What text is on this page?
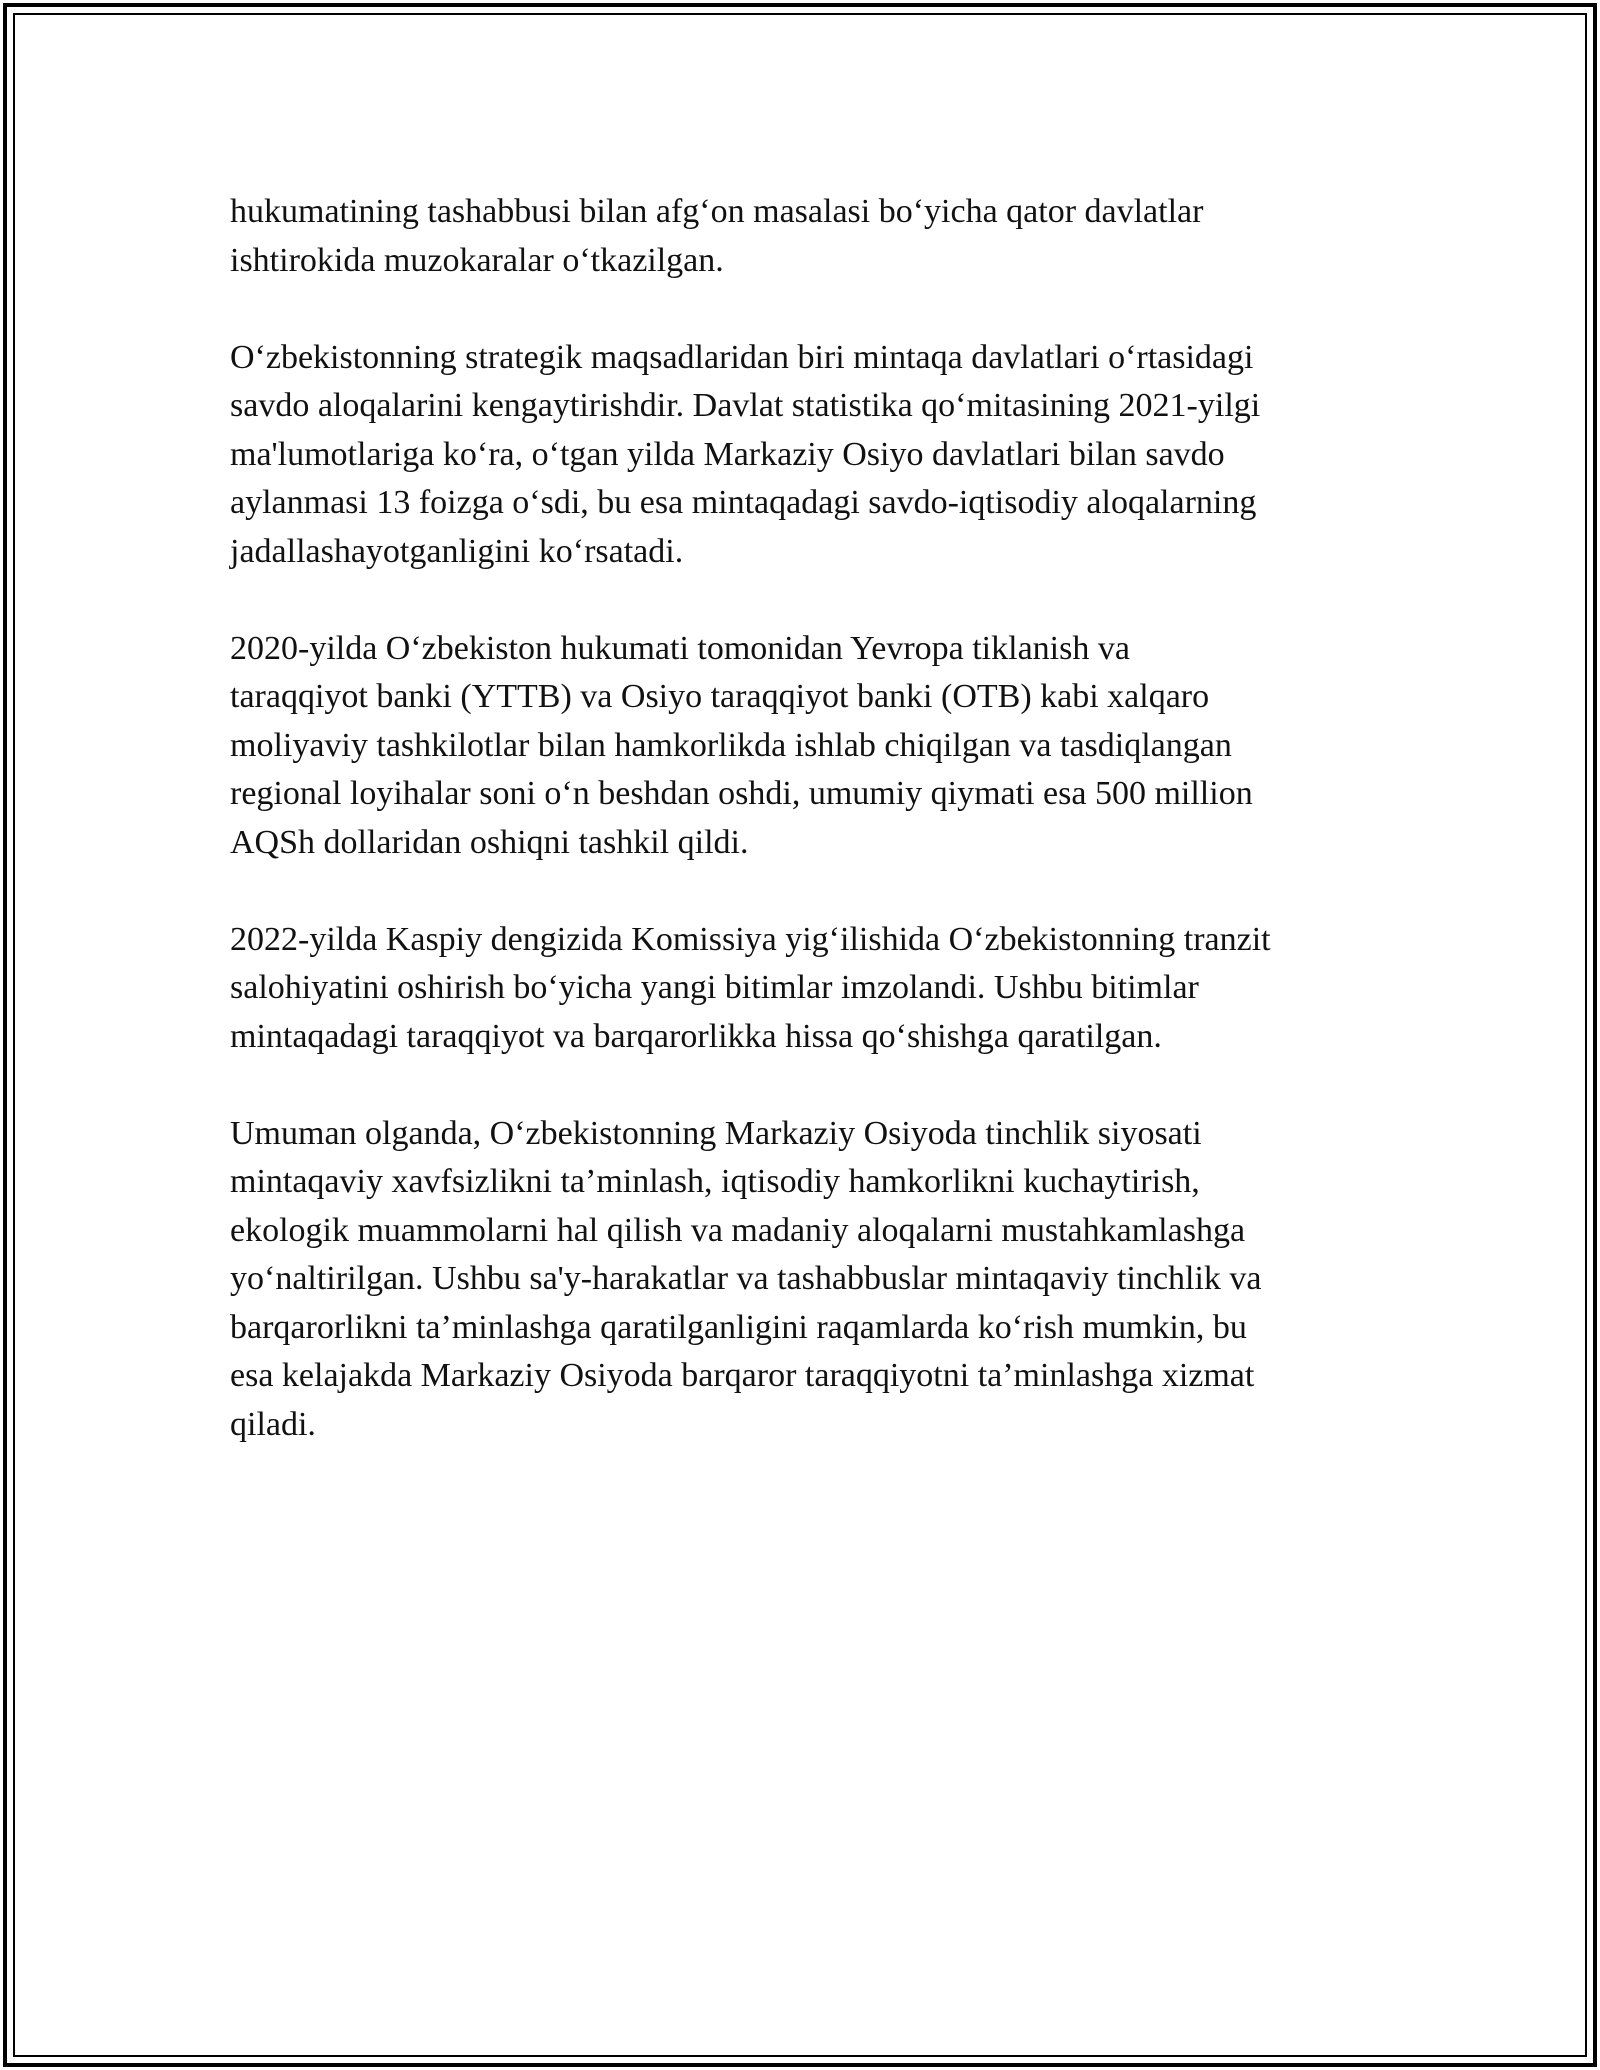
hukumatining tashabbusi bilan afg‘on masalasi bo‘yicha qator davlatlar
ishtirokida muzokaralar o‘tkazilgan.

O‘zbekistonning strategik maqsadlaridan biri mintaqa davlatlari o‘rtasidagi
savdo aloqalarini kengaytirishdir. Davlat statistika qo‘mitasining 2021-yilgi
ma'lumotlariga ko‘ra, o‘tgan yilda Markaziy Osiyo davlatlari bilan savdo
aylanmasi 13 foizga o‘sdi, bu esa mintaqadagi savdo-iqtisodiy aloqalarning
jadallashayotganligini ko‘rsatadi.

2020-yilda O‘zbekiston hukumati tomonidan Yevropa tiklanish va
taraqqiyot banki (YTTB) va Osiyo taraqqiyot banki (OTB) kabi xalqaro
moliyaviy tashkilotlar bilan hamkorlikda ishlab chiqilgan va tasdiqlangan
regional loyihalar soni o‘n beshdan oshdi, umumiy qiymati esa 500 million
AQSh dollaridan oshiqni tashkil qildi.

2022-yilda Kaspiy dengizida Komissiya yig‘ilishida O‘zbekistonning tranzit
salohiyatini oshirish bo‘yicha yangi bitimlar imzolandi. Ushbu bitimlar
mintaqadagi taraqqiyot va barqarorlikka hissa qo‘shishga qaratilgan.

Umuman olganda, O‘zbekistonning Markaziy Osiyoda tinchlik siyosati
mintaqaviy xavfsizlikni ta’minlash, iqtisodiy hamkorlikni kuchaytirish,
ekologik muammolarni hal qilish va madaniy aloqalarni mustahkamlashga
yo‘naltirilgan. Ushbu sa'y-harakatlar va tashabbuslar mintaqaviy tinchlik va
barqarorlikni ta’minlashga qaratilganligini raqamlarda ko‘rish mumkin, bu
esa kelajakda Markaziy Osiyoda barqaror taraqqiyotni ta’minlashga xizmat
qiladi.
